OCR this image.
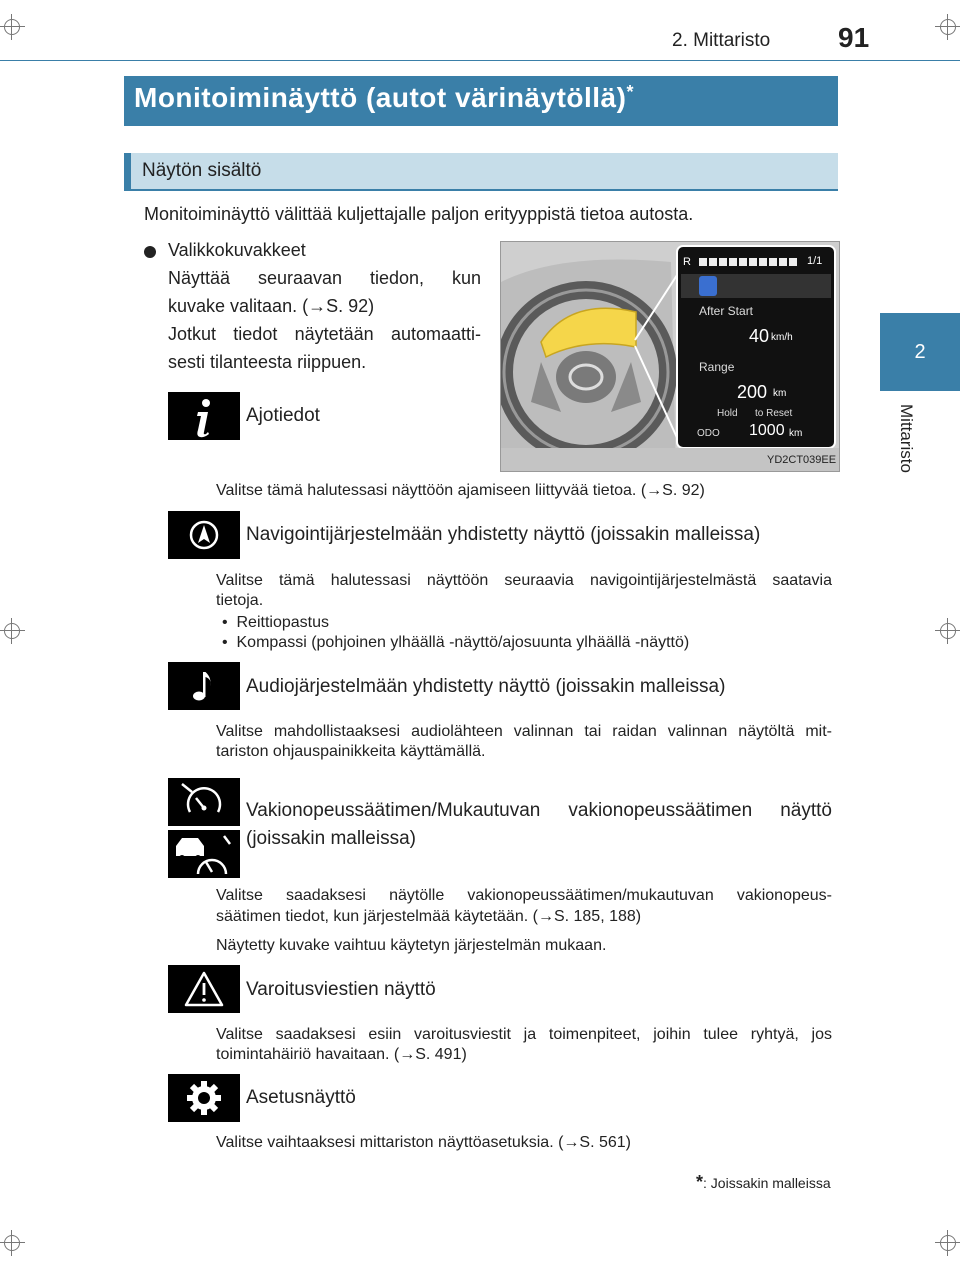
2. Mittaristo 91
2
Mittaristo
Monitoiminäyttö (autot värinäytöllä)*
Näytön sisältö
Monitoiminäyttö välittää kuljettajalle paljon erityyppistä tietoa autosta.
Valikkokuvakkeet
Näyttää seuraavan tiedon, kun
kuvake valitaan. (→S. 92)
Jotkut tiedot näytetään automaatti-
sesti tilanteesta riippuen.
R	1/1
After Start
40 km/h
Range
200 km
Hold to Reset
ODO 1000 km
YD2CT039EE
Ajotiedot
Valitse tämä halutessasi näyttöön ajamiseen liittyvää tietoa. (→S. 92)
Navigointijärjestelmään yhdistetty näyttö (joissakin malleissa)
Valitse tämä halutessasi näyttöön seuraavia navigointijärjestelmästä saatavia
tietoja.
•  Reittiopastus
•  Kompassi (pohjoinen ylhäällä -näyttö/ajosuunta ylhäällä -näyttö)
Audiojärjestelmään yhdistetty näyttö (joissakin malleissa)
Valitse mahdollistaaksesi audiolähteen valinnan tai raidan valinnan näytöltä mit-
tariston ohjauspainikkeita käyttämällä.
Vakionopeussäätimen/Mukautuvan vakionopeussäätimen näyttö
(joissakin malleissa)
Valitse saadaksesi näytölle vakionopeussäätimen/mukautuvan vakionopeus-
säätimen tiedot, kun järjestelmää käytetään. (→S. 185, 188)
Näytetty kuvake vaihtuu käytetyn järjestelmän mukaan.
Varoitusviestien näyttö
Valitse saadaksesi esiin varoitusviestit ja toimenpiteet, joihin tulee ryhtyä, jos
toimintahäiriö havaitaan. (→S. 491)
Asetusnäyttö
Valitse vaihtaaksesi mittariston näyttöasetuksia. (→S. 561)
*: Joissakin malleissa
